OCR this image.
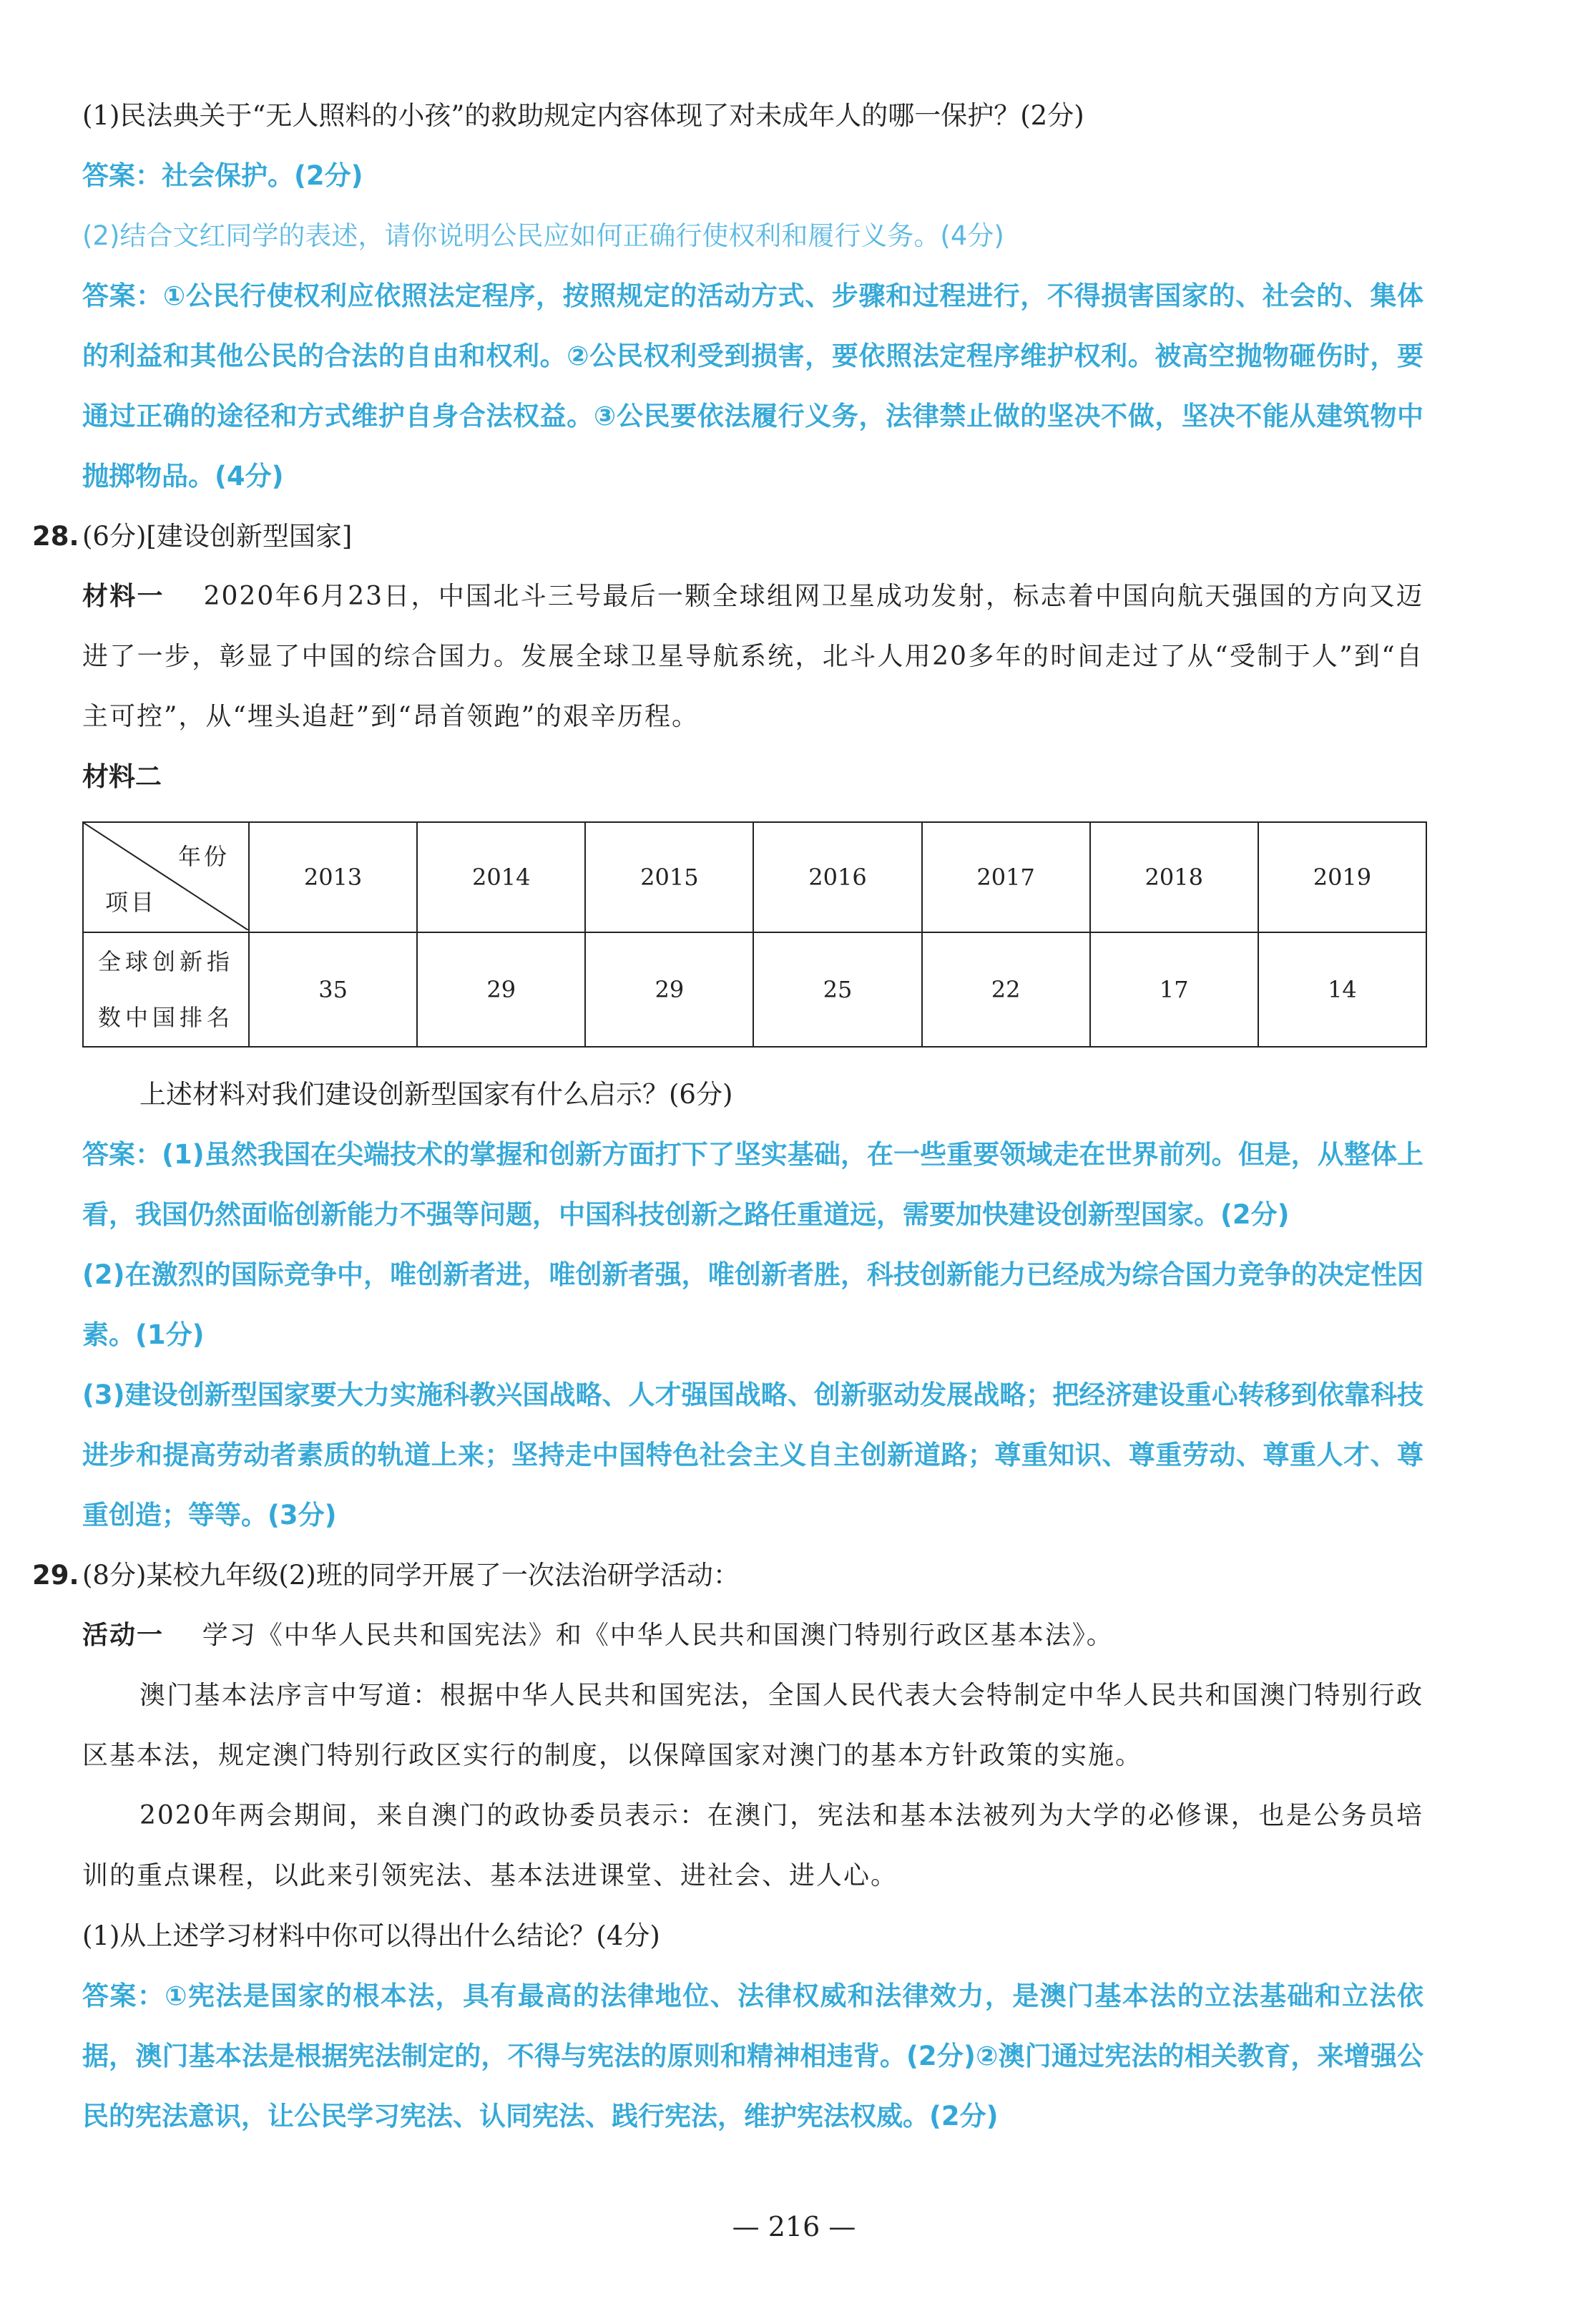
(1)民法典关于“无人照料的小孩”的救助规定内容体现了对未成年人的哪一保护？(2分)

答案：社会保护。(2分)

(2)结合文红同学的表述，请你说明公民应如何正确行使权利和履行义务。(4分)

答案：①公民行使权利应依照法定程序，按照规定的活动方式、步骤和过程进行，不得损害国家的、社会的、集体的利益和其他公民的合法的自由和权利。②公民权利受到损害，要依照法定程序维护权利。被高空抛物砸伤时，要通过正确的途径和方式维护自身合法权益。③公民要依法履行义务，法律禁止做的坚决不做，坚决不能从建筑物中抛掷物品。(4分)

28. (6分)[建设创新型国家]

材料一 2020年6月23日，中国北斗三号最后一颗全球组网卫星成功发射，标志着中国向航天强国的方向又迈进了一步，彰显了中国的综合国力。发展全球卫星导航系统，北斗人用20多年的时间走过了从“受制于人”到“自主可控”，从“埋头追赶”到“昂首领跑”的艰辛历程。

材料二

年份
项目	2013	2014	2015	2016	2017	2018	2019

全球创新指
数中国排名	35	29	29	25	22	17	14

上述材料对我们建设创新型国家有什么启示？(6分)

答案：(1)虽然我国在尖端技术的掌握和创新方面打下了坚实基础，在一些重要领域走在世界前列。但是，从整体上看，我国仍然面临创新能力不强等问题，中国科技创新之路任重道远，需要加快建设创新型国家。(2分)

(2)在激烈的国际竞争中，唯创新者进，唯创新者强，唯创新者胜，科技创新能力已经成为综合国力竞争的决定性因素。(1分)

(3)建设创新型国家要大力实施科教兴国战略、人才强国战略、创新驱动发展战略；把经济建设重心转移到依靠科技进步和提高劳动者素质的轨道上来；坚持走中国特色社会主义自主创新道路；尊重知识、尊重劳动、尊重人才、尊重创造；等等。(3分)

29. (8分)某校九年级(2)班的同学开展了一次法治研学活动：

活动一 学习《中华人民共和国宪法》和《中华人民共和国澳门特别行政区基本法》。

澳门基本法序言中写道：根据中华人民共和国宪法，全国人民代表大会特制定中华人民共和国澳门特别行政区基本法，规定澳门特别行政区实行的制度，以保障国家对澳门的基本方针政策的实施。

2020年两会期间，来自澳门的政协委员表示：在澳门，宪法和基本法被列为大学的必修课，也是公务员培训的重点课程，以此来引领宪法、基本法进课堂、进社会、进人心。

(1)从上述学习材料中你可以得出什么结论？(4分)

答案：①宪法是国家的根本法，具有最高的法律地位、法律权威和法律效力，是澳门基本法的立法基础和立法依据，澳门基本法是根据宪法制定的，不得与宪法的原则和精神相违背。(2分)②澳门通过宪法的相关教育，来增强公民的宪法意识，让公民学习宪法、认同宪法、践行宪法，维护宪法权威。(2分)

— 216 —
